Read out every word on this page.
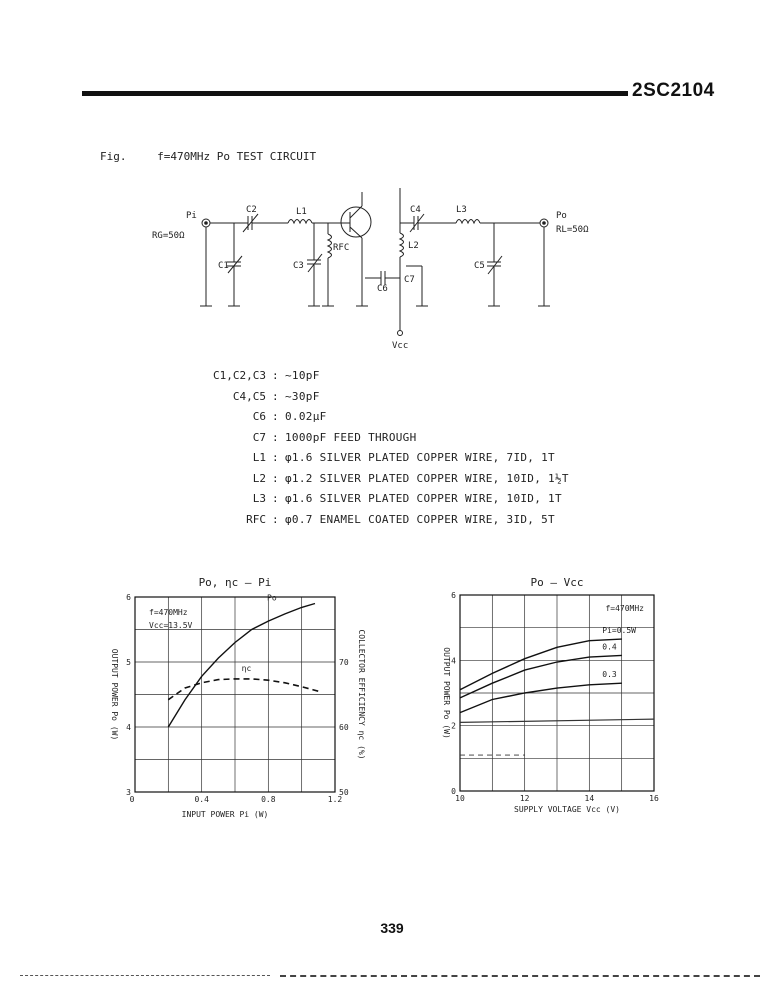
2SC2104
Fig.	f=470MHz Po TEST CIRCUIT
Pi
RG=50Ω
C1
C2
C3
L1
RFC
C4
L2
C6
C7
L3
C5
Po
RL=50Ω
Vcc
C1,C2,C3 : ~10pF
C4,C5 : ~30pF
C6 : 0.02μF
C7 : 1000pF FEED THROUGH
L1 : φ1.6 SILVER PLATED COPPER WIRE, 7ID, 1T
L2 : φ1.2 SILVER PLATED COPPER WIRE, 10ID, 1½T
L3 : φ1.6 SILVER PLATED COPPER WIRE, 10ID, 1T
RFC : φ0.7 ENAMEL COATED COPPER WIRE, 3ID, 5T
Po, ηc ‒ Pi
0.4	0.8	1.2
0
3
4
5
6
50
60
70
INPUT POWER Pi (W)
OUTPUT POWER Po (W)	COLLECTOR EFFICIENCY ηc (%)
f=470MHz
Vcc=13.5V
Po
ηc
Po ‒ Vcc
10	12	14	16
2
4
6
0
SUPPLY VOLTAGE Vcc (V)
OUTPUT POWER Po (W)
f=470MHz
Pi=0.5W
0.4
0.3
339
